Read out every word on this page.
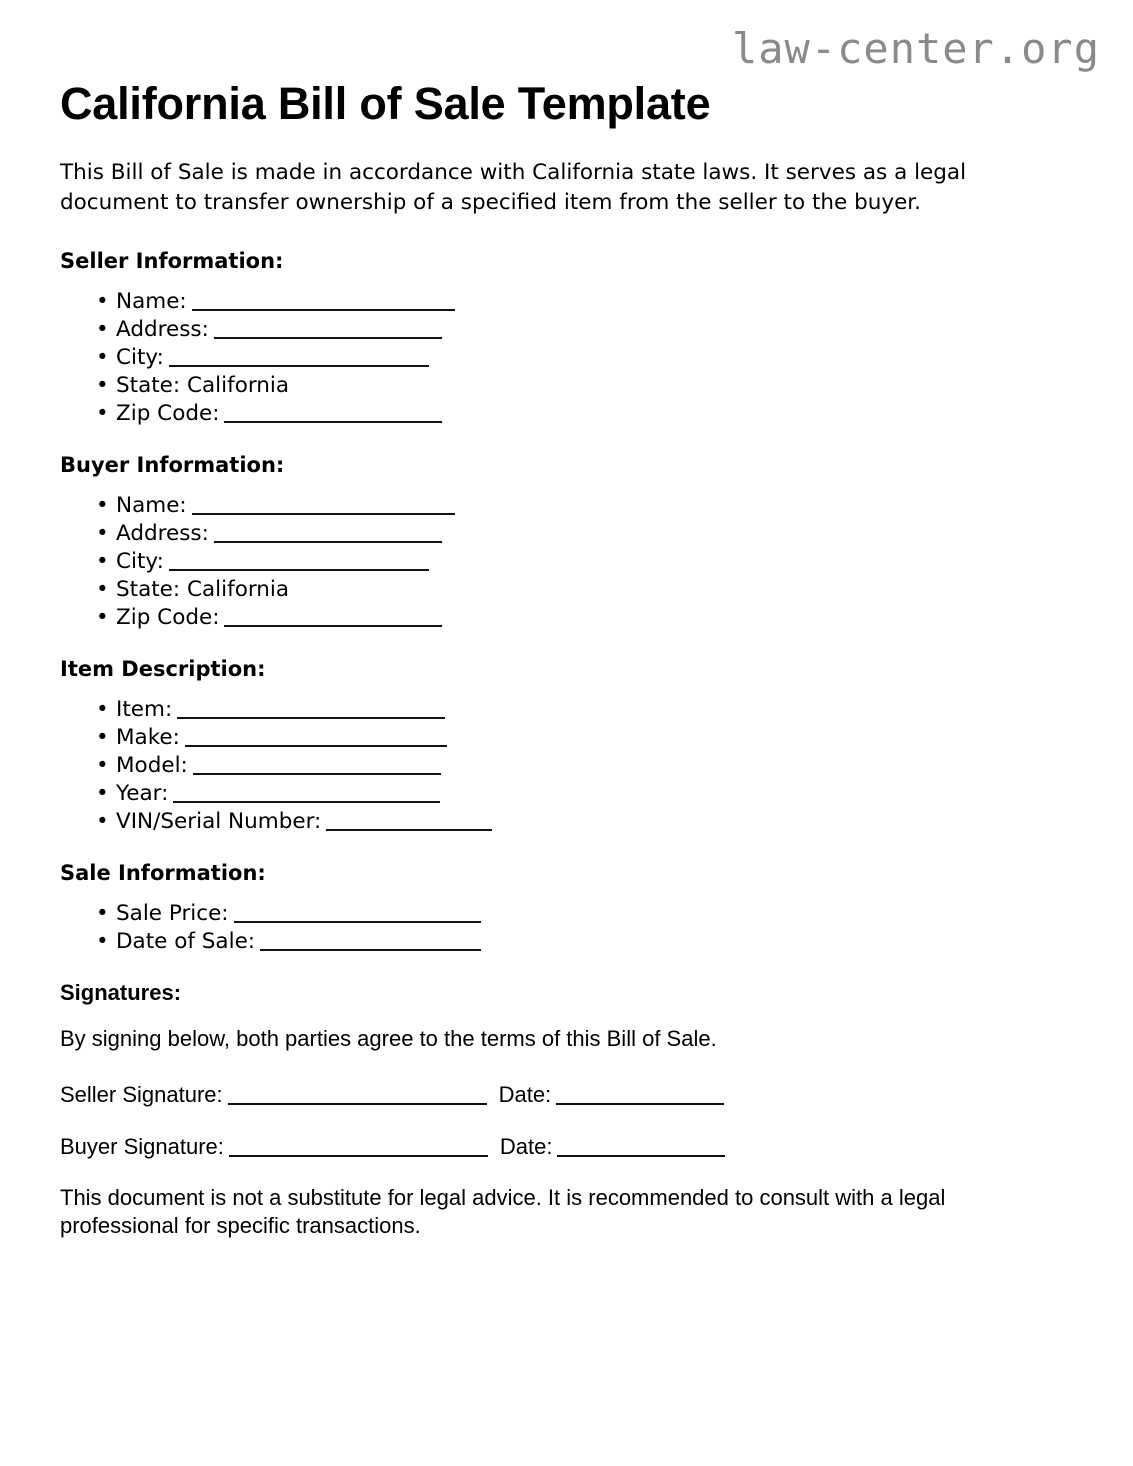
law-center.org
California Bill of Sale Template

This Bill of Sale is made in accordance with California state laws. It serves as a legal document to transfer ownership of a specified item from the seller to the buyer.

Seller Information:
• Name:
• Address:
• City:
• State: California
• Zip Code:
Buyer Information:
• Name:
• Address:
• City:
• State: California
• Zip Code:
Item Description:
• Item:
• Make:
• Model:
• Year:
• VIN/Serial Number:
Sale Information:
• Sale Price:
• Date of Sale:
Signatures:

By signing below, both parties agree to the terms of this Bill of Sale.

Seller Signature:	Date:
Buyer Signature:	Date:

This document is not a substitute for legal advice. It is recommended to consult with a legal professional for specific transactions.
